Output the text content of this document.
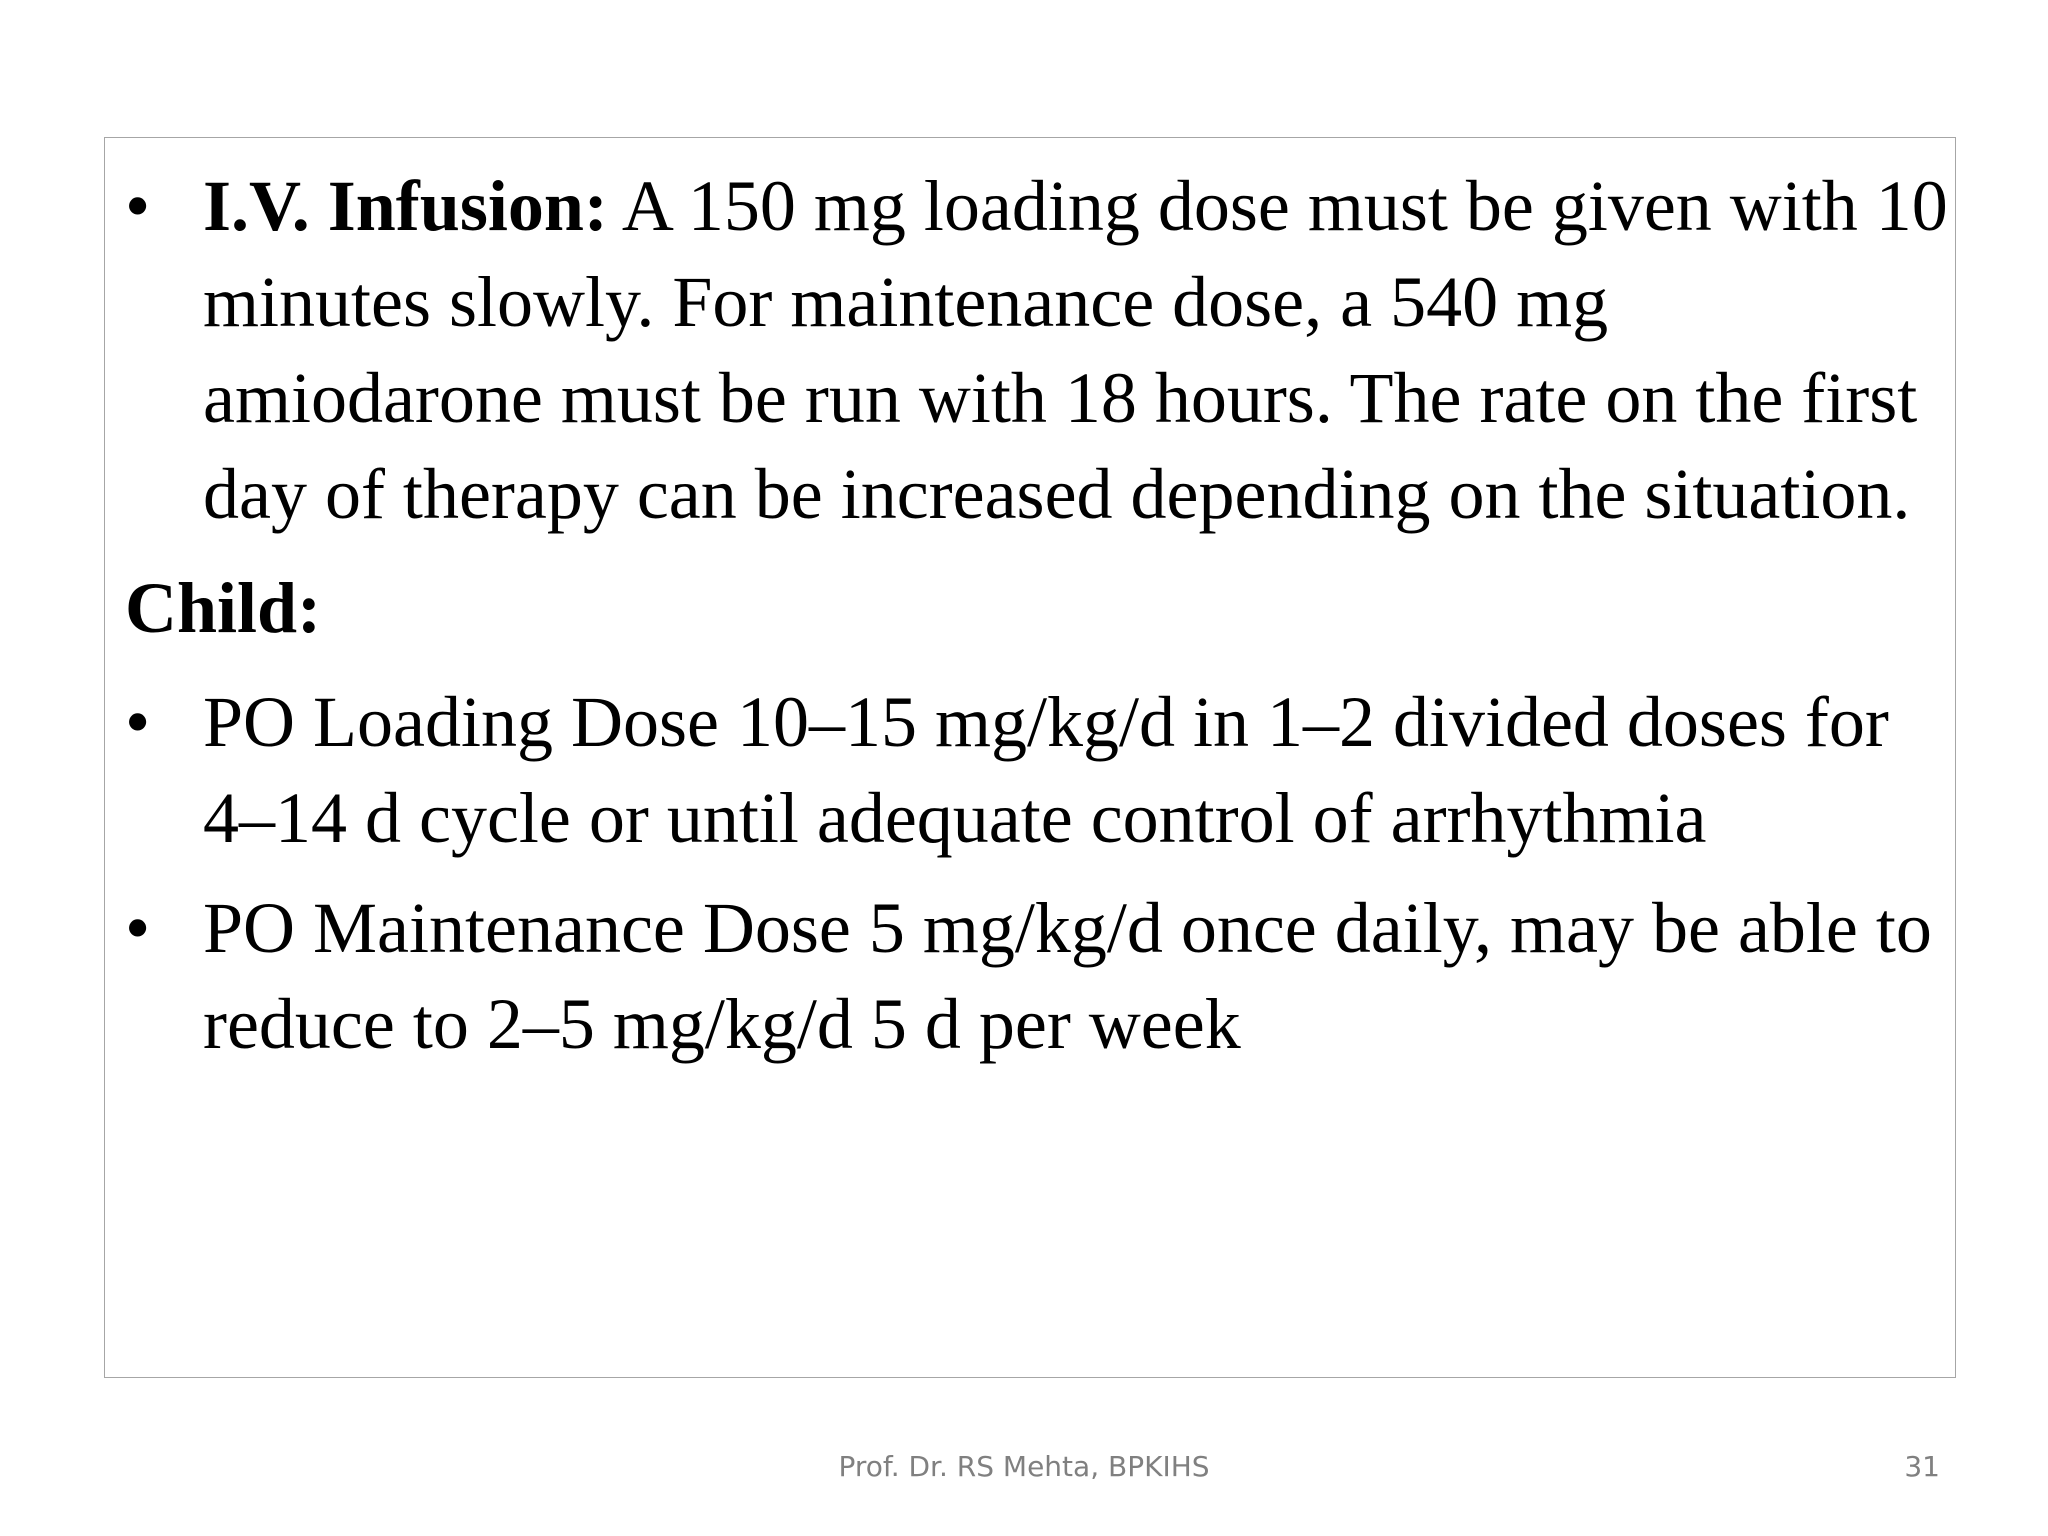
• I.V. Infusion: A 150 mg loading dose must be given with 10 minutes slowly. For maintenance dose, a 540 mg amiodarone must be run with 18 hours. The rate on the first day of therapy can be increased depending on the situation.

Child:

• PO Loading Dose 10–15 mg/kg/d in 1–2 divided doses for 4–14 d cycle or until adequate control of arrhythmia

• PO Maintenance Dose 5 mg/kg/d once daily, may be able to reduce to 2–5 mg/kg/d 5 d per week

Prof. Dr. RS Mehta, BPKIHS	31
